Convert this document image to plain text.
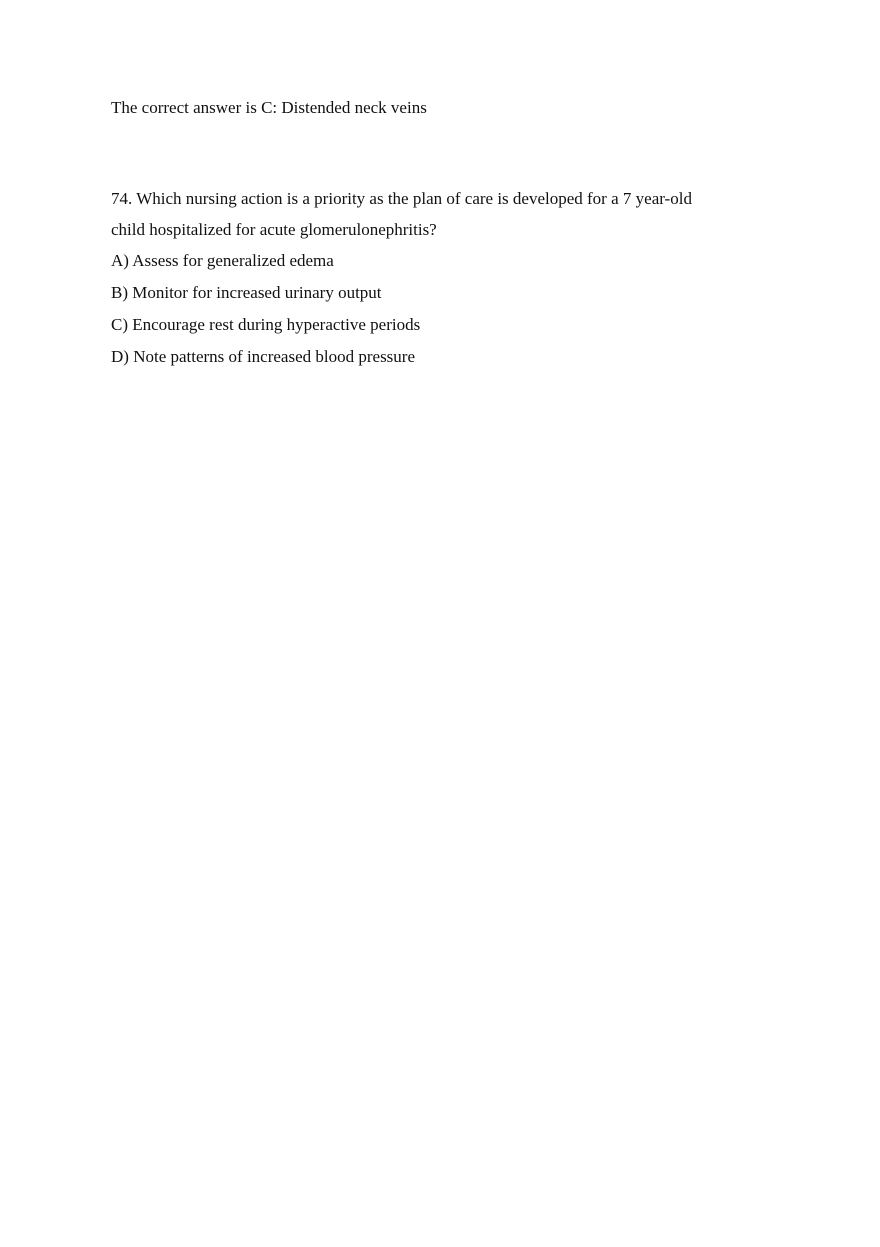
The correct answer is C: Distended neck veins
74. Which nursing action is a priority as the plan of care is developed for a 7 year-old
child hospitalized for acute glomerulonephritis?
A) Assess for generalized edema
B) Monitor for increased urinary output
C) Encourage rest during hyperactive periods
D) Note patterns of increased blood pressure
